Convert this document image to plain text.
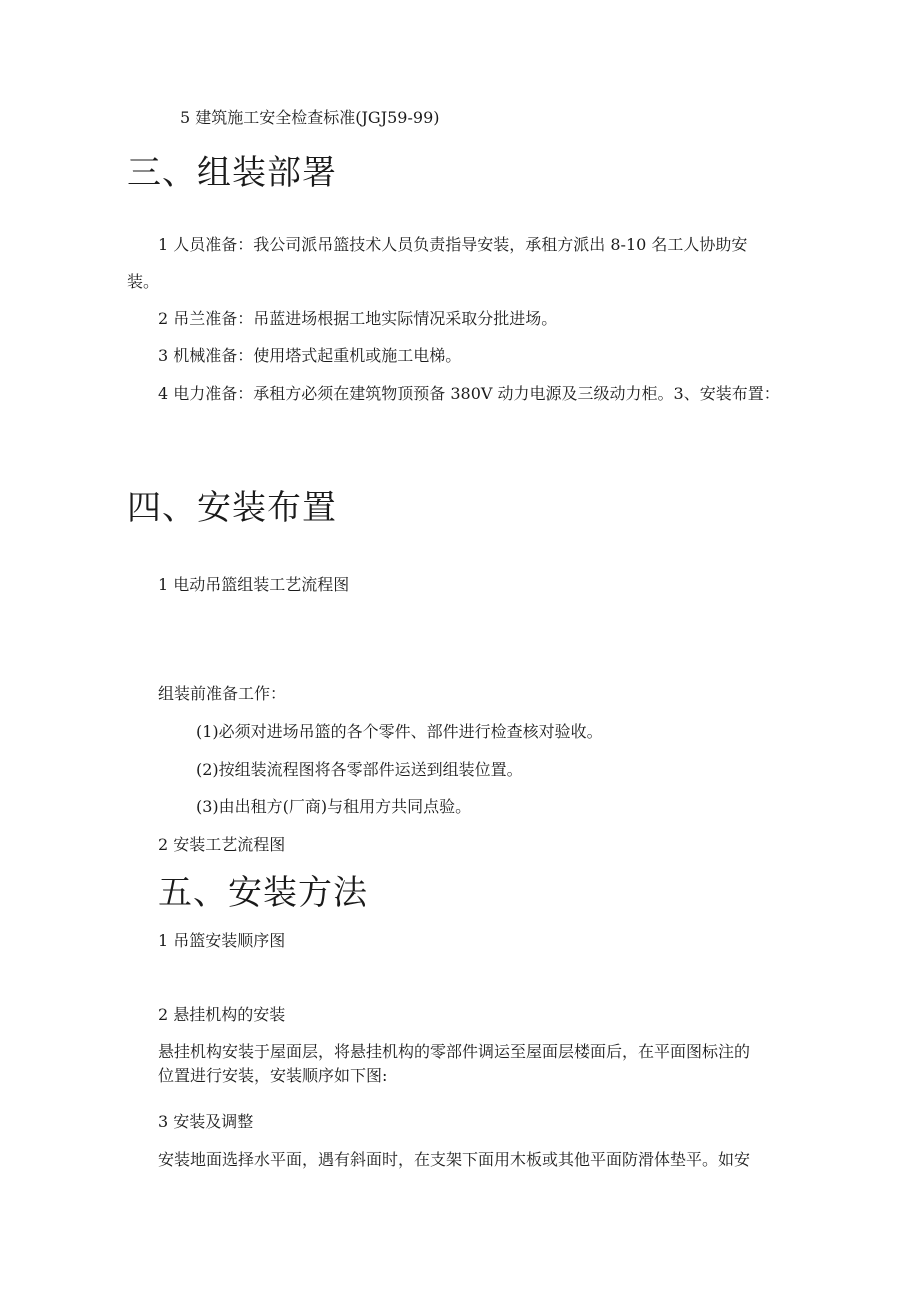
5 建筑施工安全检查标准(JGJ59-99)

三、组装部署

1 人员准备：我公司派吊篮技术人员负责指导安装，承租方派出 8-10 名工人协助安

装。

2 吊兰准备：吊蓝进场根据工地实际情况采取分批进场。

3 机械准备：使用塔式起重机或施工电梯。

4 电力准备：承租方必须在建筑物顶预备 380V 动力电源及三级动力柜。3、安装布置：

四、安装布置

1 电动吊篮组装工艺流程图

组装前准备工作：

(1)必须对进场吊篮的各个零件、部件进行检查核对验收。

(2)按组装流程图将各零部件运送到组装位置。

(3)由出租方(厂商)与租用方共同点验。

2 安装工艺流程图

五、安装方法

1 吊篮安装顺序图

2 悬挂机构的安装

悬挂机构安装于屋面层，将悬挂机构的零部件调运至屋面层楼面后，在平面图标注的

位置进行安装，安装顺序如下图:

3 安装及调整

安装地面选择水平面，遇有斜面时，在支架下面用木板或其他平面防滑体垫平。如安
